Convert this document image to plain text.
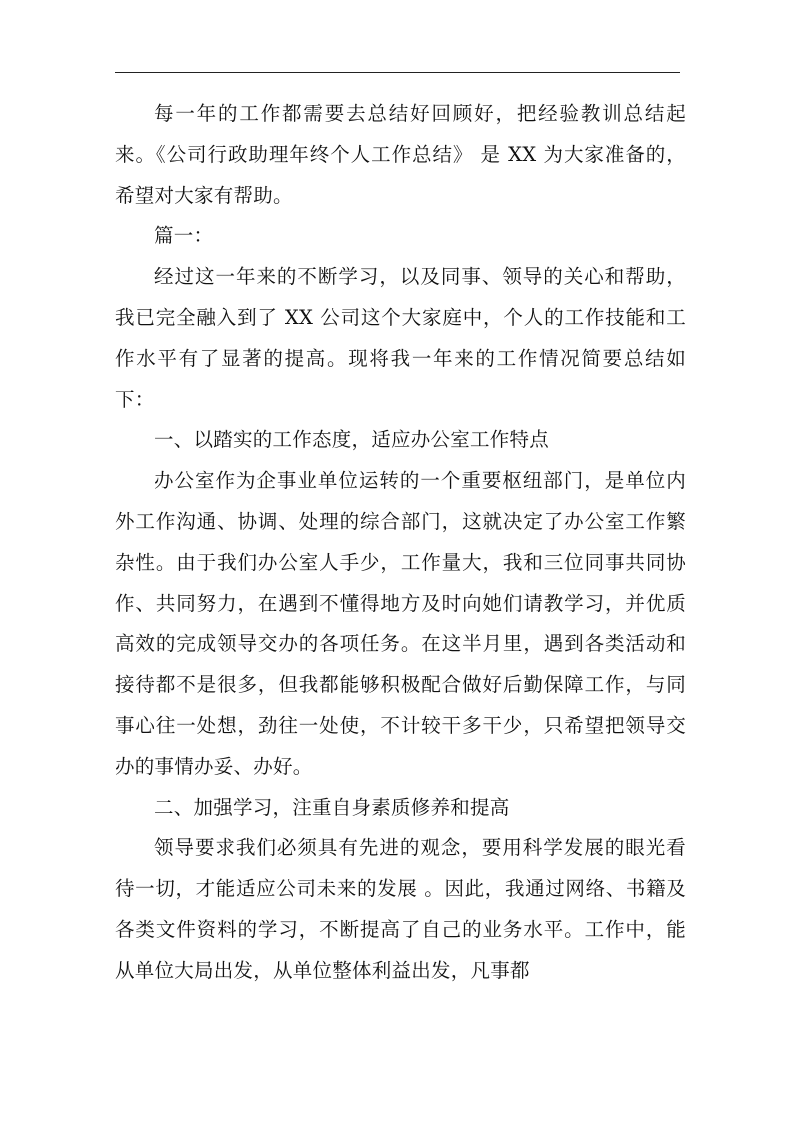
每一年的工作都需要去总结好回顾好，把经验教训总结起来。《公司行政助理年终个人工作总结》 是 XX 为大家准备的，希望对大家有帮助。

篇一：

经过这一年来的不断学习，以及同事、领导的关心和帮助，我已完全融入到了 XX 公司这个大家庭中，个人的工作技能和工作水平有了显著的提高。现将我一年来的工作情况简要总结如下：

一、以踏实的工作态度，适应办公室工作特点

办公室作为企事业单位运转的一个重要枢纽部门，是单位内外工作沟通、协调、处理的综合部门，这就决定了办公室工作繁杂性。由于我们办公室人手少，工作量大，我和三位同事共同协作、共同努力，在遇到不懂得地方及时向她们请教学习，并优质高效的完成领导交办的各项任务。在这半月里，遇到各类活动和接待都不是很多，但我都能够积极配合做好后勤保障工作，与同事心往一处想，劲往一处使，不计较干多干少，只希望把领导交办的事情办妥、办好。

二、加强学习，注重自身素质修养和提高

领导要求我们必须具有先进的观念，要用科学发展的眼光看待一切，才能适应公司未来的发展 。因此，我通过网络、书籍及各类文件资料的学习，不断提高了自己的业务水平。工作中，能从单位大局出发，从单位整体利益出发，凡事都
